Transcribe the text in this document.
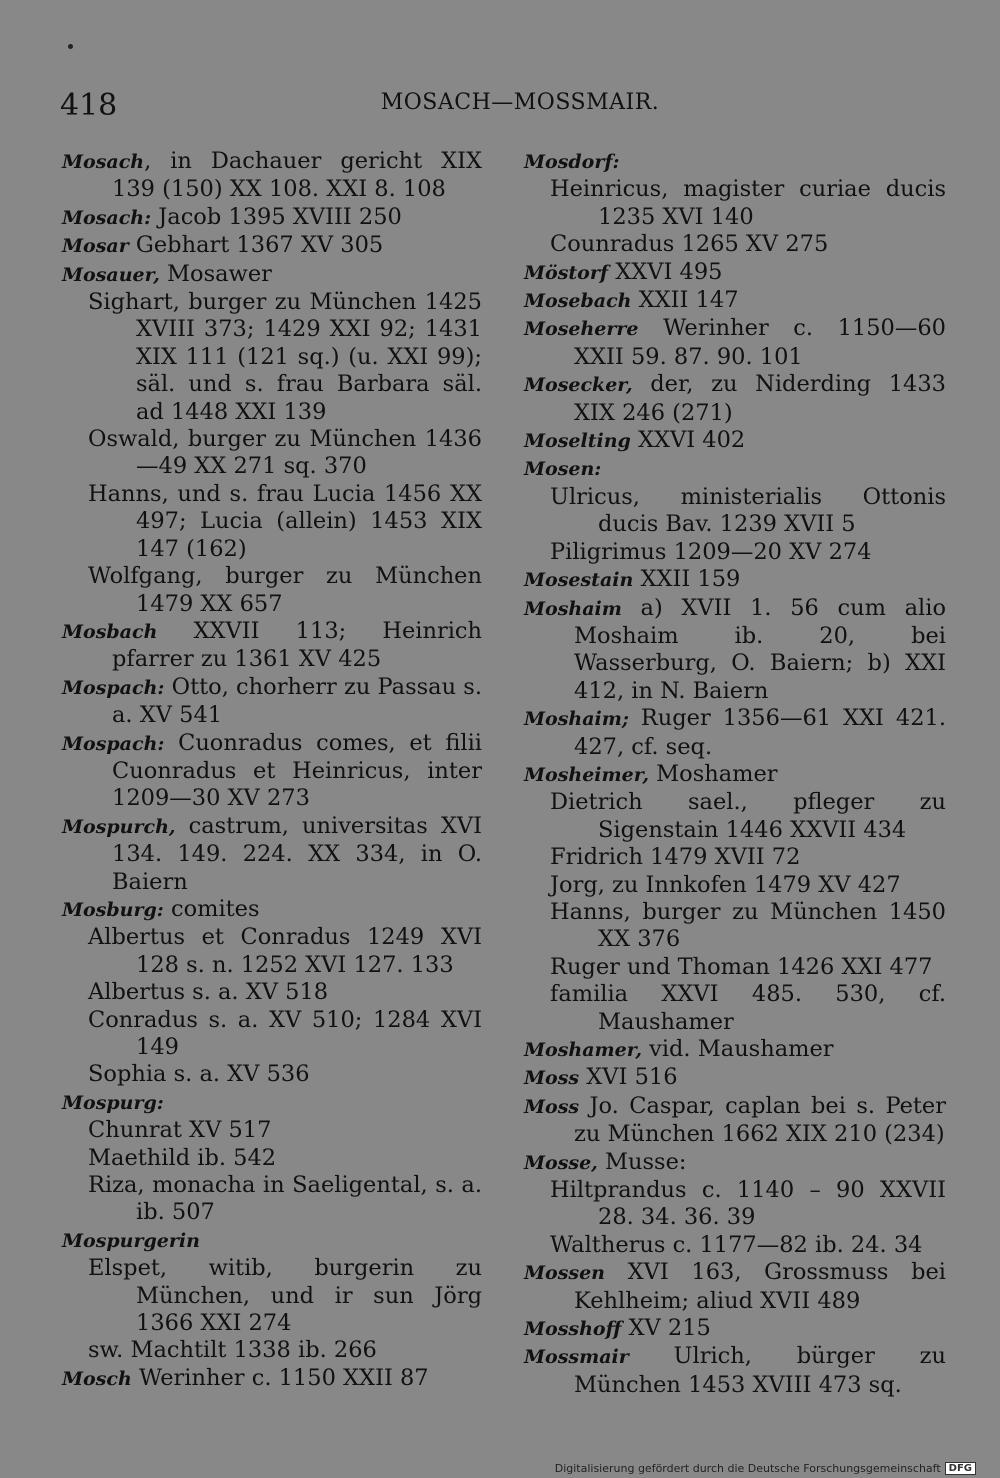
418	MOSACH—MOSSMAIR.
Mosach, in Dachauer gericht XIX 139 (150) XX 108. XXI 8. 108
Mosach: Jacob 1395 XVIII 250
Mosar Gebhart 1367 XV 305
Mosauer, Mosawer
Sighart, burger zu München 1425 XVIII 373; 1429 XXI 92; 1431 XIX 111 (121 sq.) (u. XXI 99); säl. und s. frau Barbara säl. ad 1448 XXI 139
Oswald, burger zu München 1436—49 XX 271 sq. 370
Hanns, und s. frau Lucia 1456 XX 497; Lucia (allein) 1453 XIX 147 (162)
Wolfgang, burger zu München 1479 XX 657
Mosbach XXVII 113; Heinrich pfarrer zu 1361 XV 425
Mospach: Otto, chorherr zu Passau s. a. XV 541
Mospach: Cuonradus comes, et filii Cuonradus et Heinricus, inter 1209—30 XV 273
Mospurch, castrum, universitas XVI 134. 149. 224. XX 334, in O. Baiern
Mosburg: comites
Albertus et Conradus 1249 XVI 128 s. n. 1252 XVI 127. 133
Albertus s. a. XV 518
Conradus s. a. XV 510; 1284 XVI 149
Sophia s. a. XV 536
Mospurg:
Chunrat XV 517
Maethild ib. 542
Riza, monacha in Saeligental, s. a. ib. 507
Mospurgerin
Elspet, witib, burgerin zu München, und ir sun Jörg 1366 XXI 274
sw. Machtilt 1338 ib. 266
Mosch Werinher c. 1150 XXII 87
Mosdorf:
Heinricus, magister curiae ducis 1235 XVI 140
Counradus 1265 XV 275
Möstorf XXVI 495
Mosebach XXII 147
Moseherre Werinher c. 1150—60 XXII 59. 87. 90. 101
Mosecker, der, zu Niderding 1433 XIX 246 (271)
Moselting XXVI 402
Mosen:
Ulricus, ministerialis Ottonis ducis Bav. 1239 XVII 5
Piligrimus 1209—20 XV 274
Mosestain XXII 159
Moshaim a) XVII 1. 56 cum alio Moshaim ib. 20, bei Wasserburg, O. Baiern; b) XXI 412, in N. Baiern
Moshaim; Ruger 1356—61 XXI 421. 427, cf. seq.
Mosheimer, Moshamer
Dietrich sael., pfleger zu Sigenstain 1446 XXVII 434
Fridrich 1479 XVII 72
Jorg, zu Innkofen 1479 XV 427
Hanns, burger zu München 1450 XX 376
Ruger und Thoman 1426 XXI 477
familia XXVI 485. 530, cf. Maushamer
Moshamer, vid. Maushamer
Moss XVI 516
Moss Jo. Caspar, caplan bei s. Peter zu München 1662 XIX 210 (234)
Mosse, Musse:
Hiltprandus c. 1140 – 90 XXVII 28. 34. 36. 39
Waltherus c. 1177—82 ib. 24. 34
Mossen XVI 163, Grossmuss bei Kehlheim; aliud XVII 489
Mosshoff XV 215
Mossmair Ulrich, bürger zu München 1453 XVIII 473 sq.
Digitalisierung gefördert durch die Deutsche Forschungsgemeinschaft DFG
